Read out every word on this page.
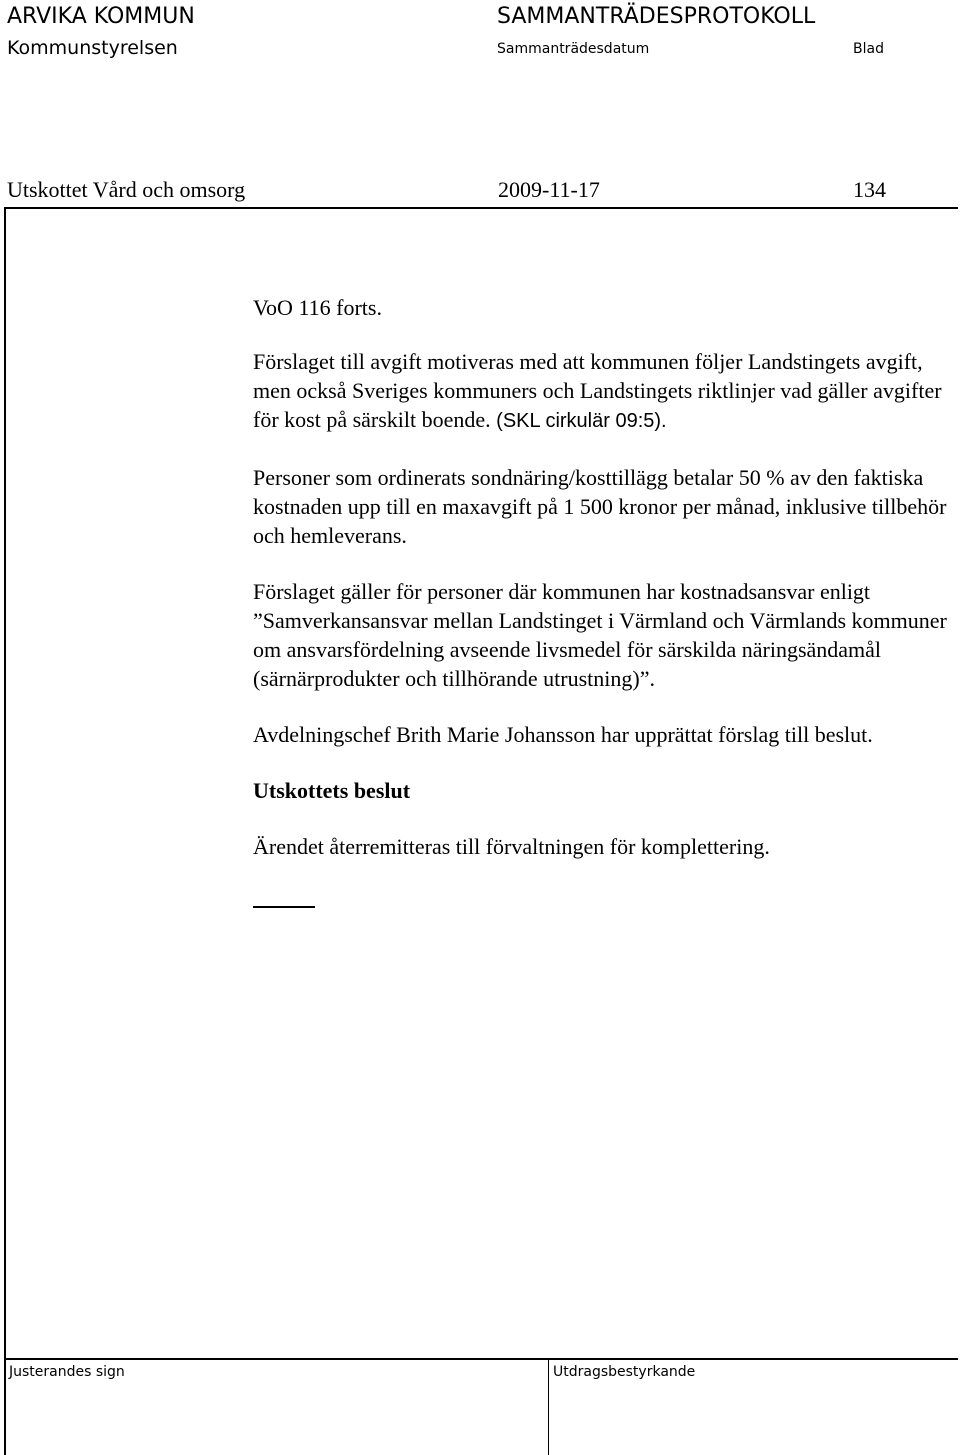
ARVIKA KOMMUN
Kommunstyrelsen
SAMMANTRÄDESPROTOKOLL
Sammanträdesdatum	Blad
Utskottet Vård och omsorg	2009-11-17	134

VoO 116 forts.

Förslaget till avgift motiveras med att kommunen följer Landstingets avgift, men också Sveriges kommuners och Landstingets riktlinjer vad gäller avgifter för kost på särskilt boende. (SKL cirkulär 09:5).

Personer som ordinerats sondnäring/kosttillägg betalar 50 % av den faktiska kostnaden upp till en maxavgift på 1 500 kronor per månad, inklusive tillbehör och hemleverans.

Förslaget gäller för personer där kommunen har kostnadsansvar enligt ”Samverkansansvar mellan Landstinget i Värmland och Värmlands kommuner om ansvarsfördelning avseende livsmedel för särskilda näringsändamål (särnärprodukter och tillhörande utrustning)”.

Avdelningschef Brith Marie Johansson har upprättat förslag till beslut.

Utskottets beslut

Ärendet återremitteras till förvaltningen för komplettering.

Justerandes sign	Utdragsbestyrkande
